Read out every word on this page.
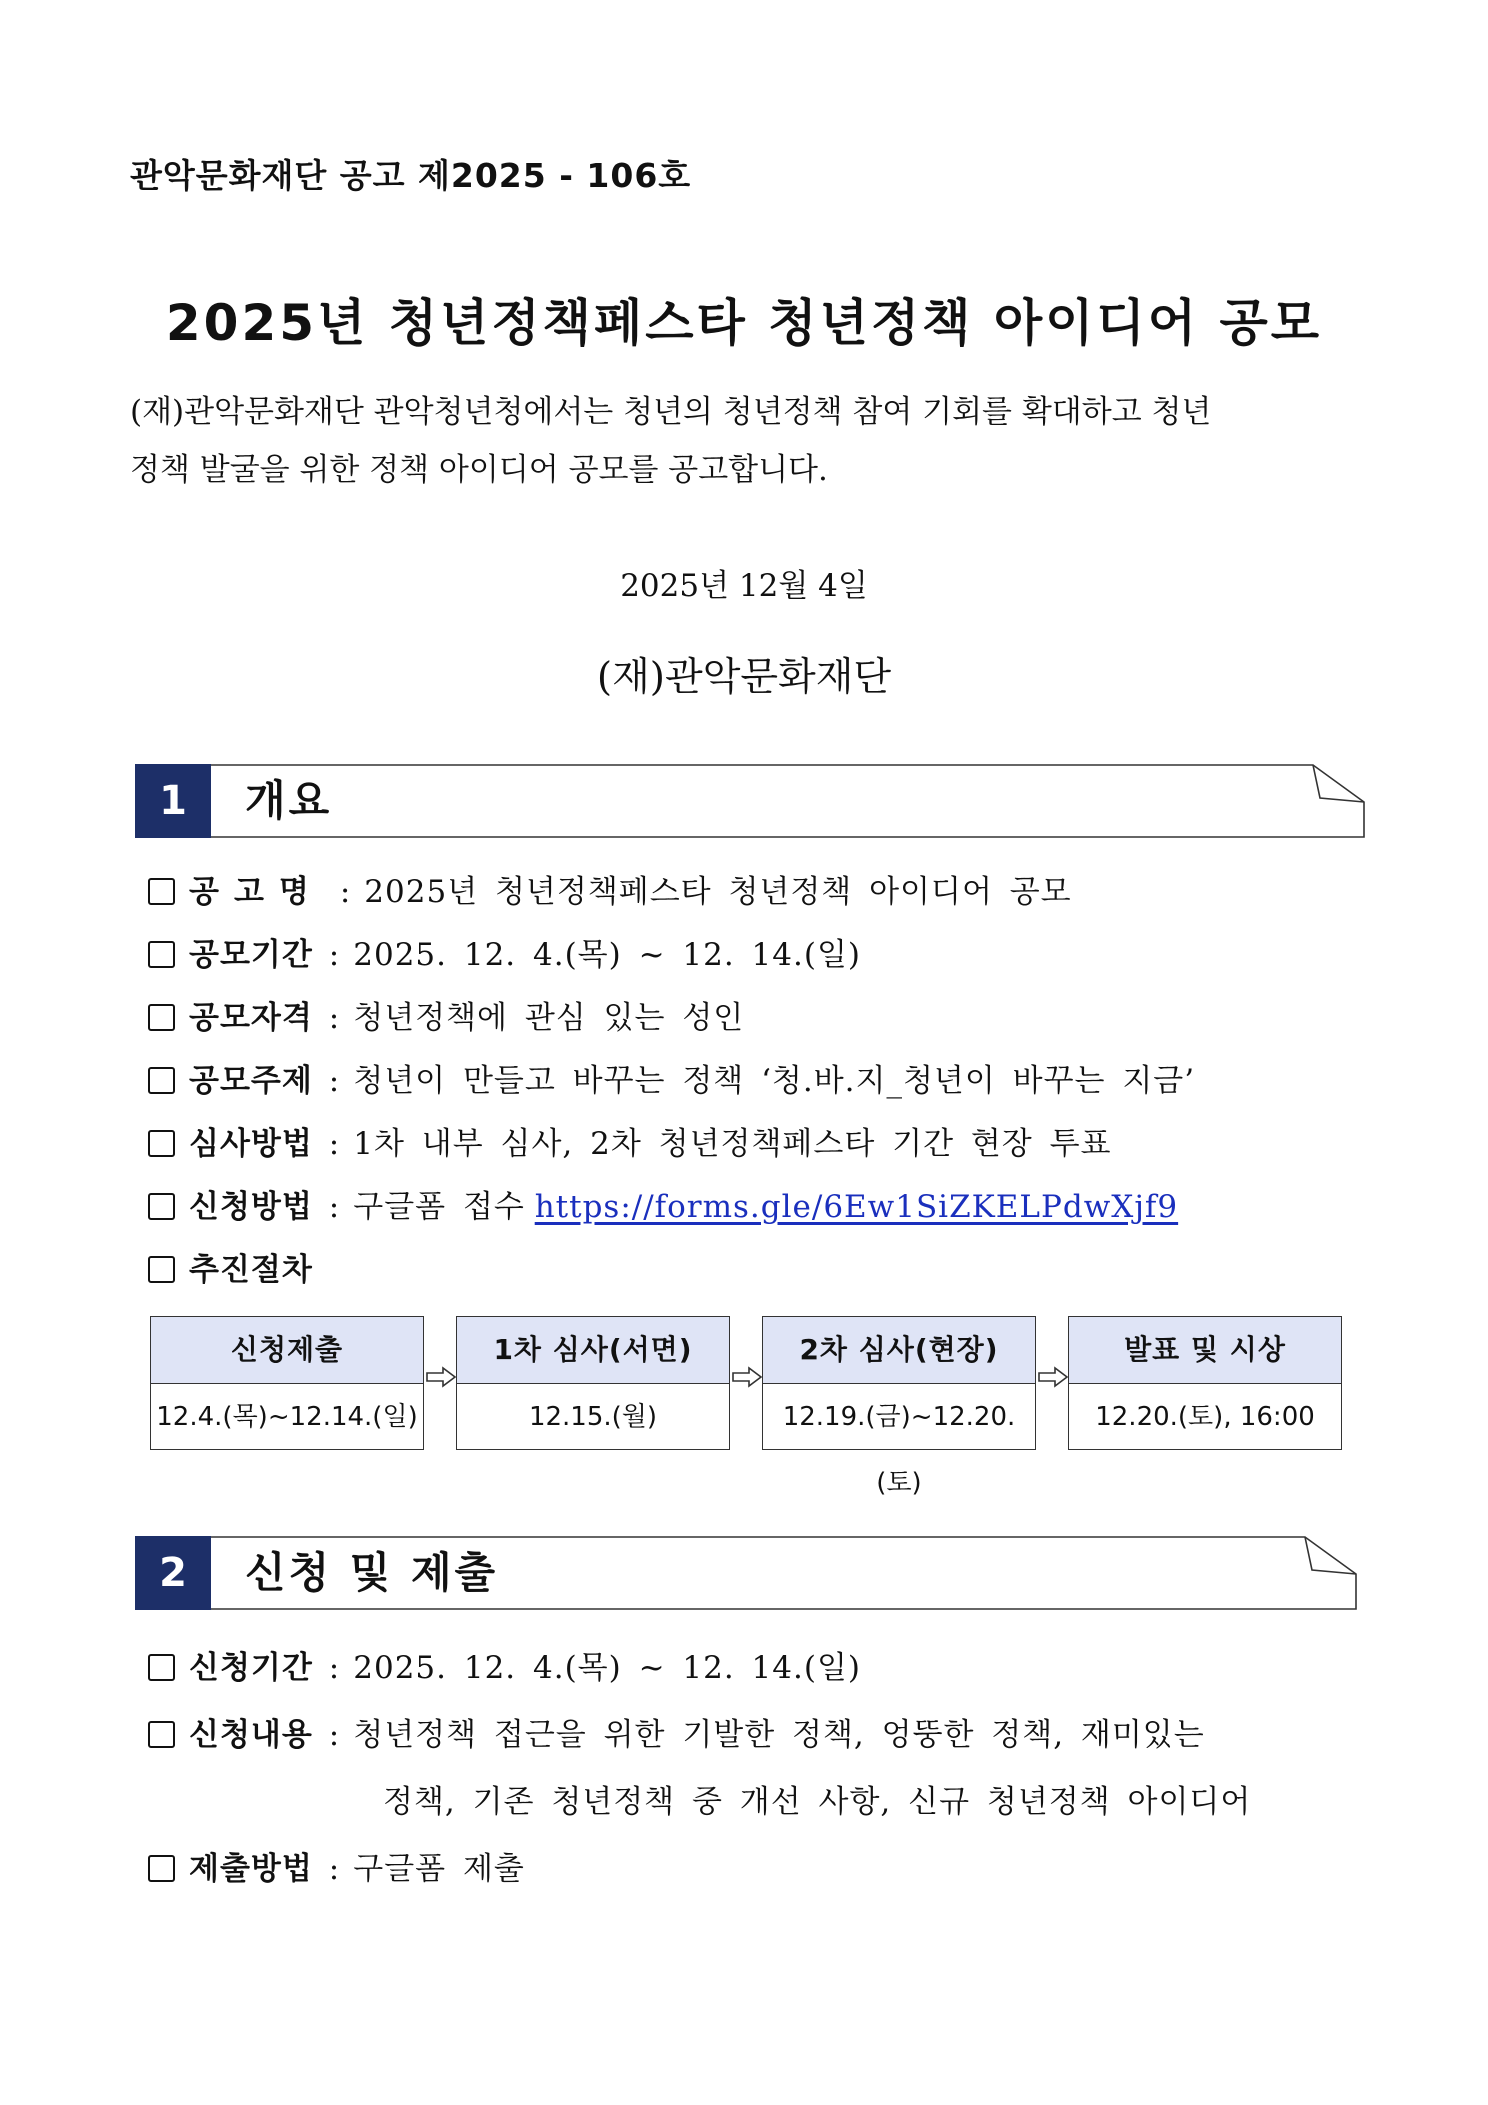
관악문화재단 공고 제2025 - 106호
2025년 청년정책페스타 청년정책 아이디어 공모
(재)관악문화재단 관악청년청에서는 청년의 청년정책 참여 기회를 확대하고 청년
정책 발굴을 위한 정책 아이디어 공모를 공고합니다.
2025년 12월 4일
(재)관악문화재단
1	개요
공고명 : 2025년 청년정책페스타 청년정책 아이디어 공모
공모기간 : 2025. 12. 4.(목) ~ 12. 14.(일)
공모자격 : 청년정책에 관심 있는 성인
공모주제 : 청년이 만들고 바꾸는 정책 ‘청.바.지_청년이 바꾸는 지금’
심사방법 : 1차 내부 심사, 2차 청년정책페스타 기간 현장 투표
신청방법 : 구글폼 접수 https://forms.gle/6Ew1SiZKELPdwXjf9
추진절차
신청제출
12.4.(목)~12.14.(일)
1차 심사(서면)
12.15.(월)
2차 심사(현장)
12.19.(금)~12.20.(토)
발표 및 시상
12.20.(토), 16:00
2	신청 및 제출
신청기간 : 2025. 12. 4.(목) ~ 12. 14.(일)
신청내용 : 청년정책 접근을 위한 기발한 정책, 엉뚱한 정책, 재미있는
정책, 기존 청년정책 중 개선 사항, 신규 청년정책 아이디어
제출방법 : 구글폼 제출
